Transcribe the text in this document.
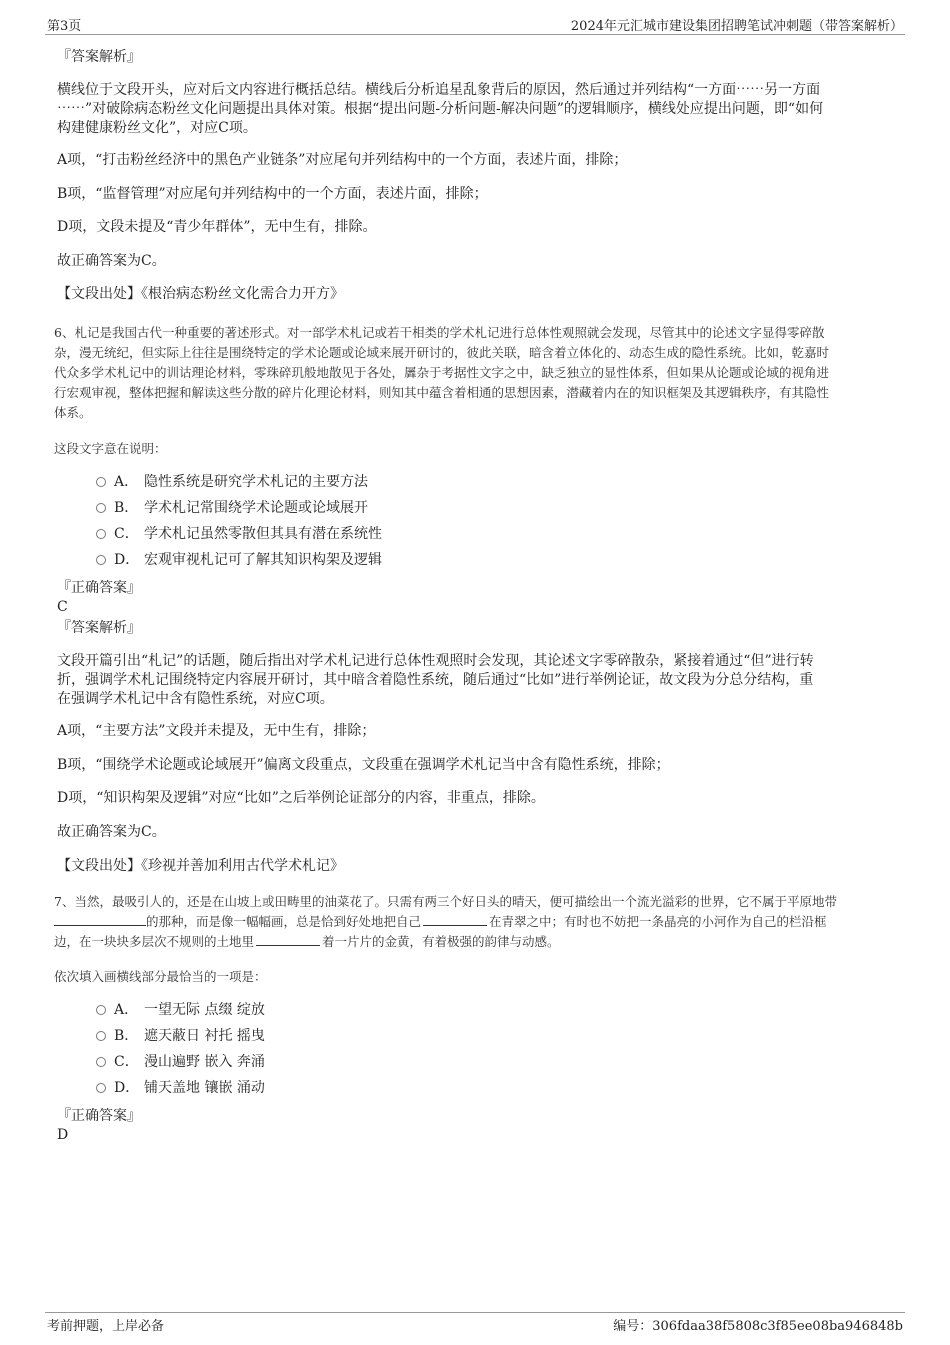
第3页	2024年元汇城市建设集团招聘笔试冲刺题（带答案解析）
『答案解析』
横线位于文段开头，应对后文内容进行概括总结。横线后分析追星乱象背后的原因，然后通过并列结构“一方面⋯⋯另一方面
⋯⋯”对破除病态粉丝文化问题提出具体对策。根据“提出问题-分析问题-解决问题”的逻辑顺序，横线处应提出问题，即“如何
构建健康粉丝文化”，对应C项。
A项，“打击粉丝经济中的黑色产业链条”对应尾句并列结构中的一个方面，表述片面，排除；
B项，“监督管理”对应尾句并列结构中的一个方面，表述片面，排除；
D项，文段未提及“青少年群体”，无中生有，排除。
故正确答案为C。
【文段出处】《根治病态粉丝文化需合力开方》
6、札记是我国古代一种重要的著述形式。对一部学术札记或若干相类的学术札记进行总体性观照就会发现，尽管其中的论述文字显得零碎散
杂，漫无统纪，但实际上往往是围绕特定的学术论题或论域来展开研讨的，彼此关联，暗含着立体化的、动态生成的隐性系统。比如，乾嘉时
代众多学术札记中的训诂理论材料，零珠碎玑般地散见于各处，羼杂于考据性文字之中，缺乏独立的显性体系，但如果从论题或论域的视角进
行宏观审视，整体把握和解读这些分散的碎片化理论材料，则知其中蕴含着相通的思想因素，潜藏着内在的知识框架及其逻辑秩序，有其隐性
体系。
这段文字意在说明：
A． 隐性系统是研究学术札记的主要方法
B． 学术札记常围绕学术论题或论域展开
C． 学术札记虽然零散但其具有潜在系统性
D． 宏观审视札记可了解其知识构架及逻辑
『正确答案』
C
『答案解析』
文段开篇引出“札记”的话题，随后指出对学术札记进行总体性观照时会发现，其论述文字零碎散杂，紧接着通过“但”进行转
折，强调学术札记围绕特定内容展开研讨，其中暗含着隐性系统，随后通过“比如”进行举例论证，故文段为分总分结构，重
在强调学术札记中含有隐性系统，对应C项。
A项，“主要方法”文段并未提及，无中生有，排除；
B项，“围绕学术论题或论域展开”偏离文段重点，文段重在强调学术札记当中含有隐性系统，排除；
D项，“知识构架及逻辑”对应“比如”之后举例论证部分的内容，非重点，排除。
故正确答案为C。
【文段出处】《珍视并善加利用古代学术札记》
7、当然，最吸引人的，还是在山坡上或田畴里的油菜花了。只需有两三个好日头的晴天，便可描绘出一个流光溢彩的世界，它不属于平原地带
的那种，而是像一幅幅画，总是恰到好处地把自己	在青翠之中；有时也不妨把一条晶亮的小河作为自己的栏沿框
边，在一块块多层次不规则的土地里	着一片片的金黄，有着极强的韵律与动感。
依次填入画横线部分最恰当的一项是：
A． 一望无际 点缀 绽放
B． 遮天蔽日 衬托 摇曳
C． 漫山遍野 嵌入 奔涌
D． 铺天盖地 镶嵌 涌动
『正确答案』
D
考前押题，上岸必备	编号：306fdaa38f5808c3f85ee08ba946848b
